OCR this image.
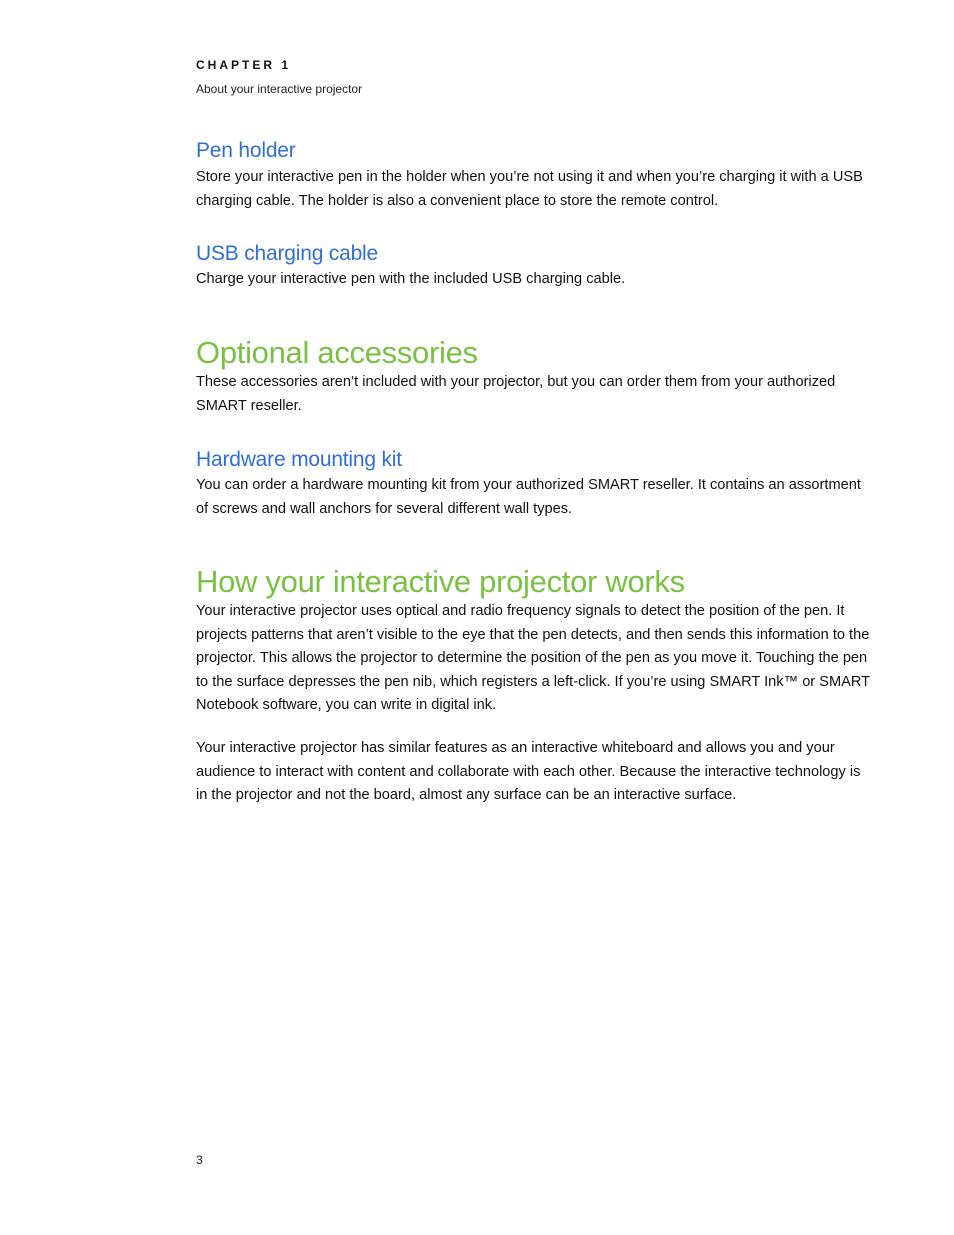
CHAPTER 1
About your interactive projector
Pen holder

Store your interactive pen in the holder when you’re not using it and when you’re charging it with a USB charging cable. The holder is also a convenient place to store the remote control.

USB charging cable

Charge your interactive pen with the included USB charging cable.

Optional accessories

These accessories aren’t included with your projector, but you can order them from your authorized SMART reseller.

Hardware mounting kit

You can order a hardware mounting kit from your authorized SMART reseller. It contains an assortment of screws and wall anchors for several different wall types.

How your interactive projector works

Your interactive projector uses optical and radio frequency signals to detect the position of the pen. It projects patterns that aren’t visible to the eye that the pen detects, and then sends this information to the projector. This allows the projector to determine the position of the pen as you move it. Touching the pen to the surface depresses the pen nib, which registers a left-click. If you’re using SMART Ink™ or SMART Notebook software, you can write in digital ink.

Your interactive projector has similar features as an interactive whiteboard and allows you and your audience to interact with content and collaborate with each other. Because the interactive technology is in the projector and not the board, almost any surface can be an interactive surface.

3
